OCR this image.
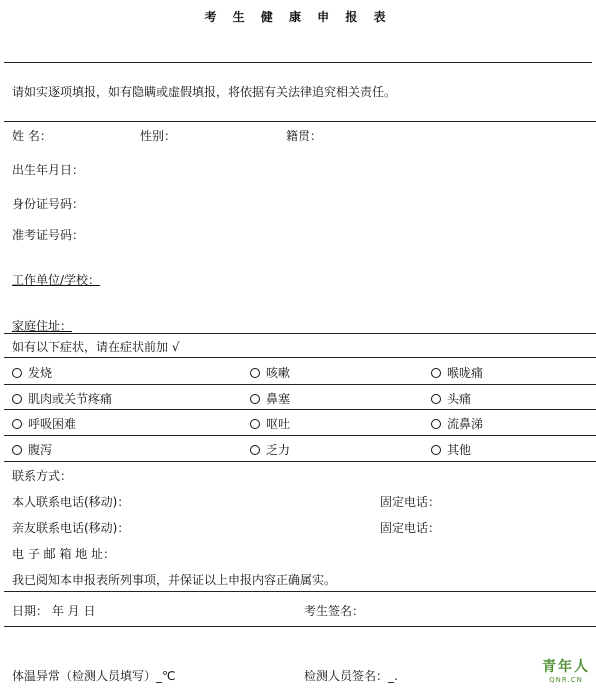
考 生 健 康 申 报 表
请如实逐项填报，如有隐瞒或虚假填报，将依据有关法律追究相关责任。
姓 名：	性别：	籍贯：
出生年月日：
身份证号码：
准考证号码：
工作单位/学校：
家庭住址：
如有以下症状，请在症状前加 √
发烧	咳嗽	喉咙痛
肌肉或关节疼痛	鼻塞	头痛
呼吸困难	呕吐	流鼻涕
腹泻	乏力	其他
联系方式：
本人联系电话(移动)：	固定电话：
亲友联系电话(移动)：	固定电话：
电 子 邮 箱 地 址：
我已阅知本申报表所列事项，并保证以上申报内容正确属实。
日期： 年 月 日	考生签名：
体温异常（检测人员填写）_℃	检测人员签名：_.
青年人
QNR.CN
